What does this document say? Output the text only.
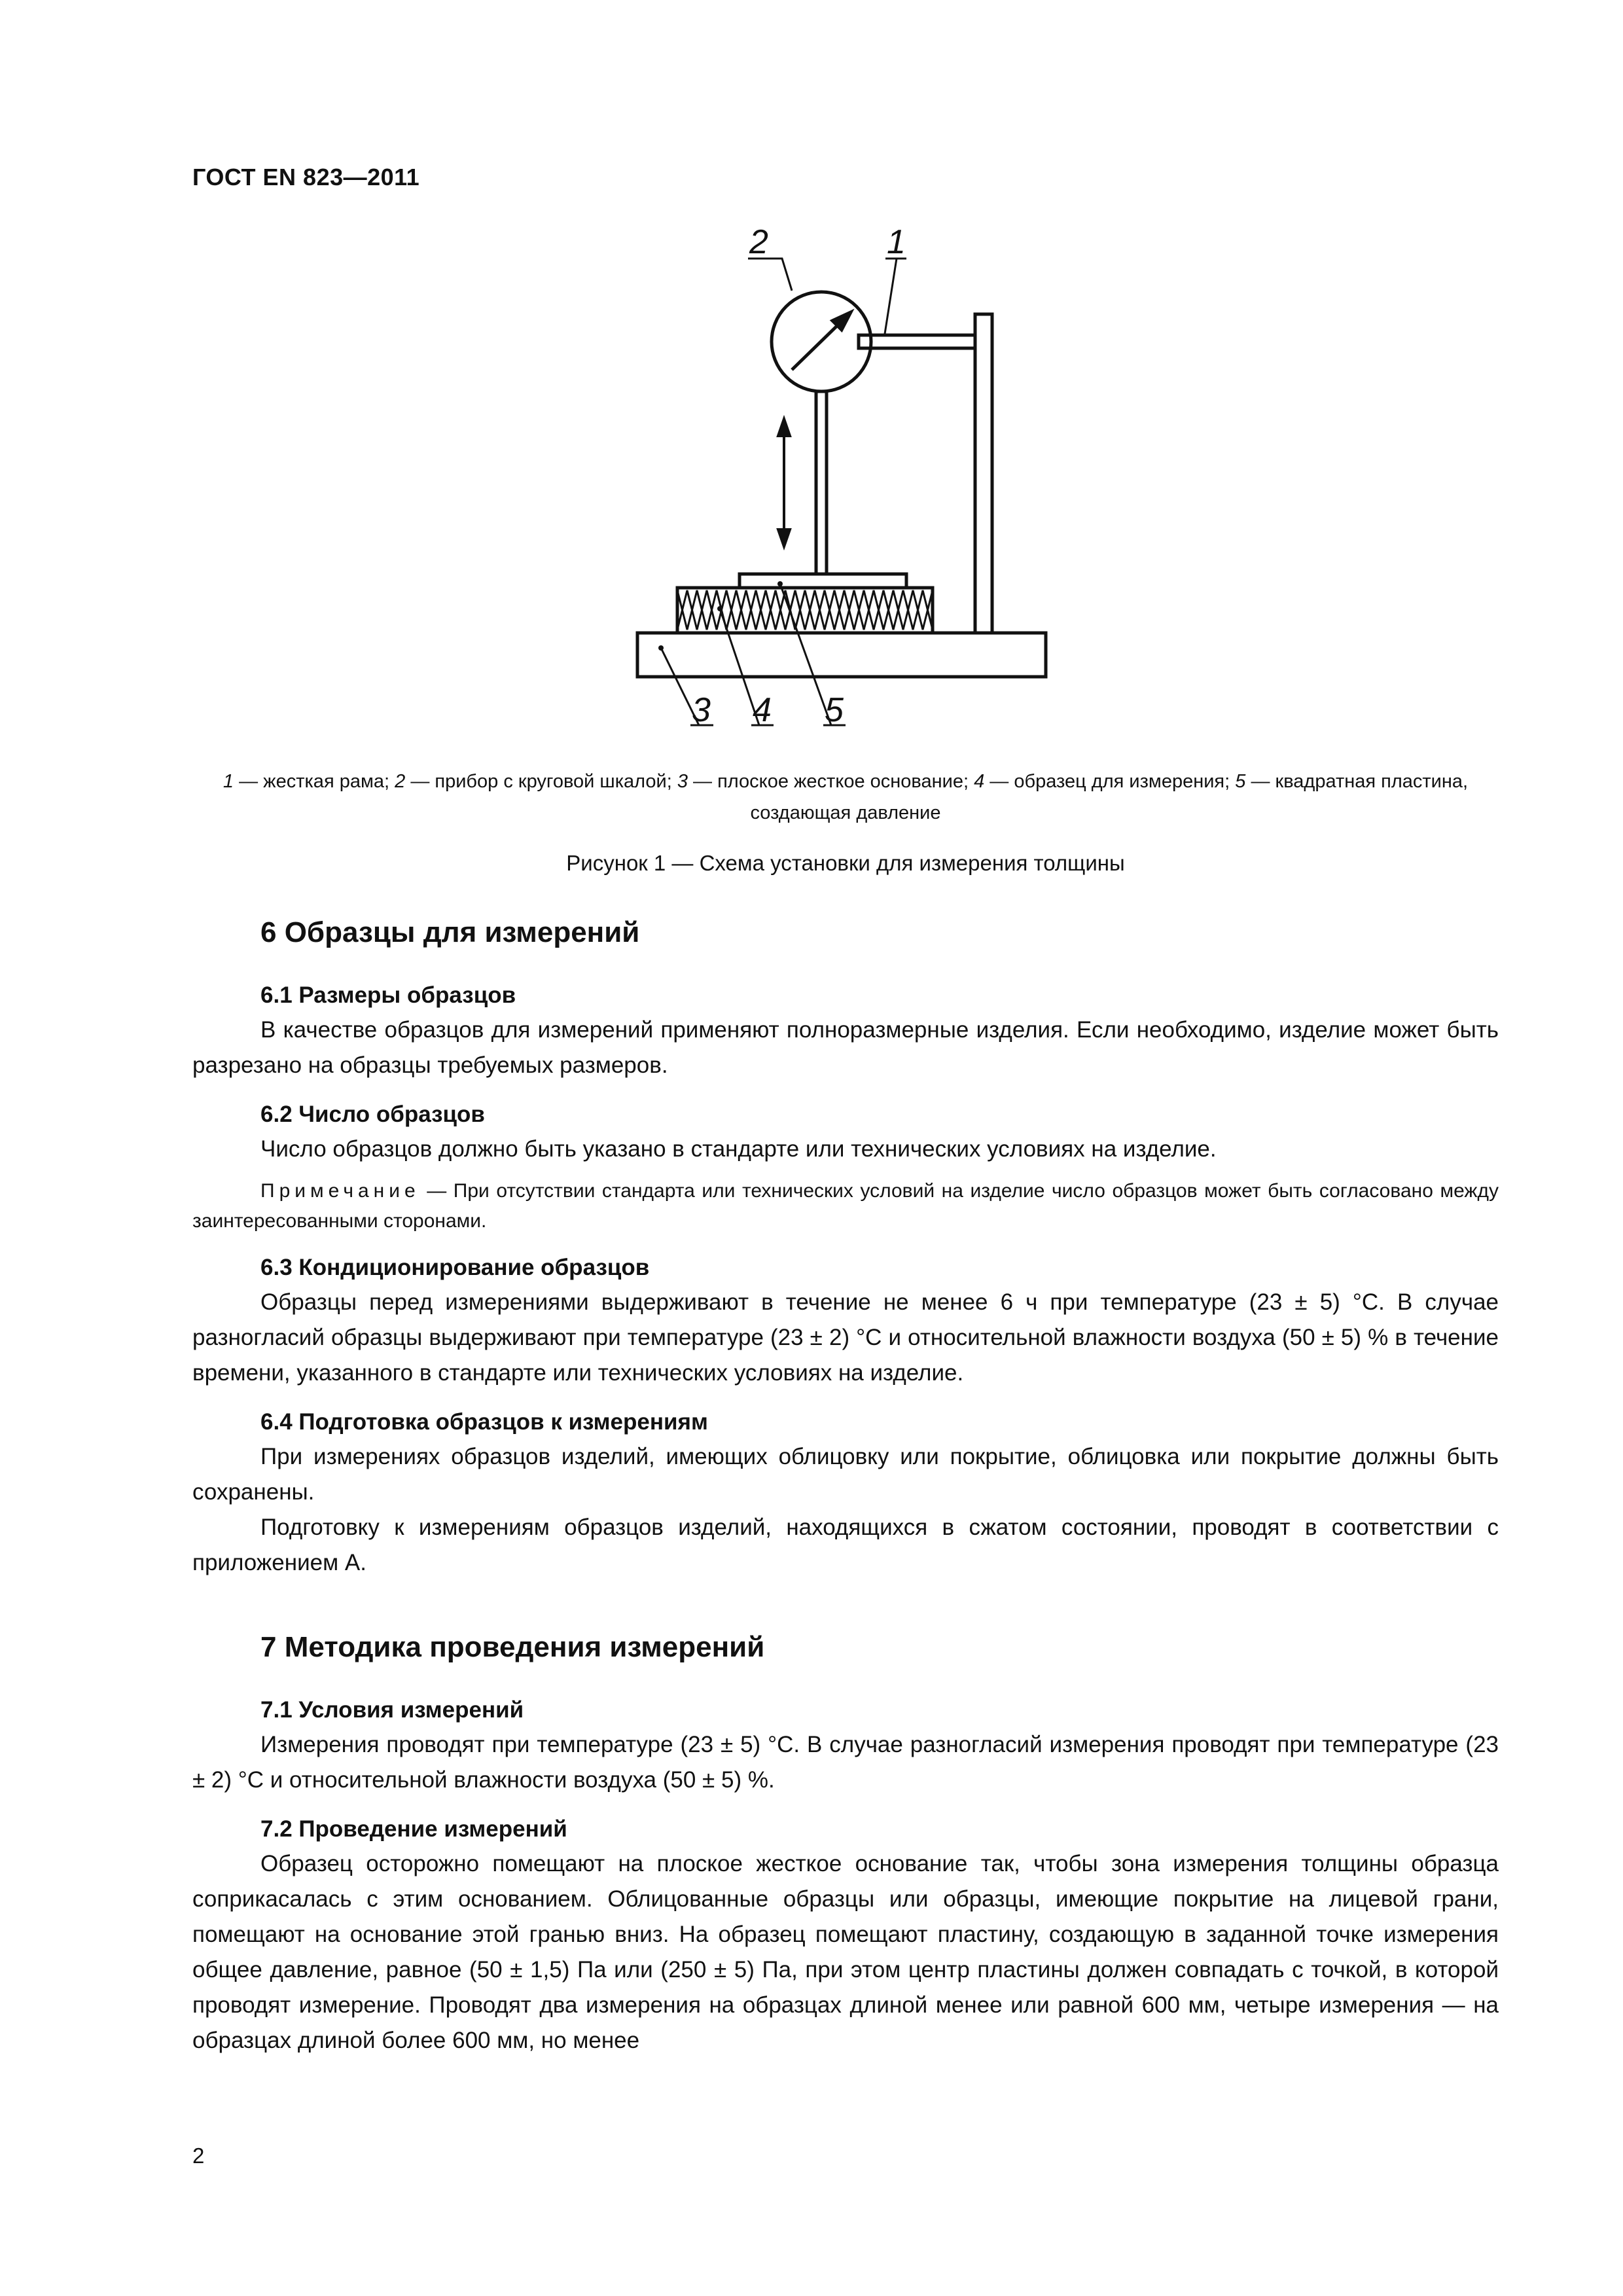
ГОСТ EN 823—2011
1
2
3 4 5
1 — жесткая рама; 2 — прибор с круговой шкалой; 3 — плоское жесткое основание; 4 — образец для измерения; 5 — квадратная пластина, создающая давление
Рисунок 1 — Схема установки для измерения толщины
6 Образцы для измерений
6.1 Размеры образцов

В качестве образцов для измерений применяют полноразмерные изделия. Если необходимо, изделие может быть разрезано на образцы требуемых размеров.

6.2 Число образцов

Число образцов должно быть указано в стандарте или технических условиях на изделие.

Примечание — При отсутствии стандарта или технических условий на изделие число образцов может быть согласовано между заинтересованными сторонами.

6.3 Кондиционирование образцов

Образцы перед измерениями выдерживают в течение не менее 6 ч при температуре (23 ± 5) °С. В случае разногласий образцы выдерживают при температуре (23 ± 2) °С и относительной влажности воздуха (50 ± 5) % в течение времени, указанного в стандарте или технических условиях на изделие.

6.4 Подготовка образцов к измерениям

При измерениях образцов изделий, имеющих облицовку или покрытие, облицовка или покрытие должны быть сохранены.

Подготовку к измерениям образцов изделий, находящихся в сжатом состоянии, проводят в соответствии с приложением А.

7 Методика проведения измерений
7.1 Условия измерений

Измерения проводят при температуре (23 ± 5) °С. В случае разногласий измерения проводят при температуре (23 ± 2) °С и относительной влажности воздуха (50 ± 5) %.

7.2 Проведение измерений

Образец осторожно помещают на плоское жесткое основание так, чтобы зона измерения толщины образца соприкасалась с этим основанием. Облицованные образцы или образцы, имеющие покрытие на лицевой грани, помещают на основание этой гранью вниз. На образец помещают пластину, создающую в заданной точке измерения общее давление, равное (50 ± 1,5) Па или (250 ± 5) Па, при этом центр пластины должен совпадать с точкой, в которой проводят измерение. Проводят два измерения на образцах длиной менее или равной 600 мм, четыре измерения — на образцах длиной более 600 мм, но менее

2
